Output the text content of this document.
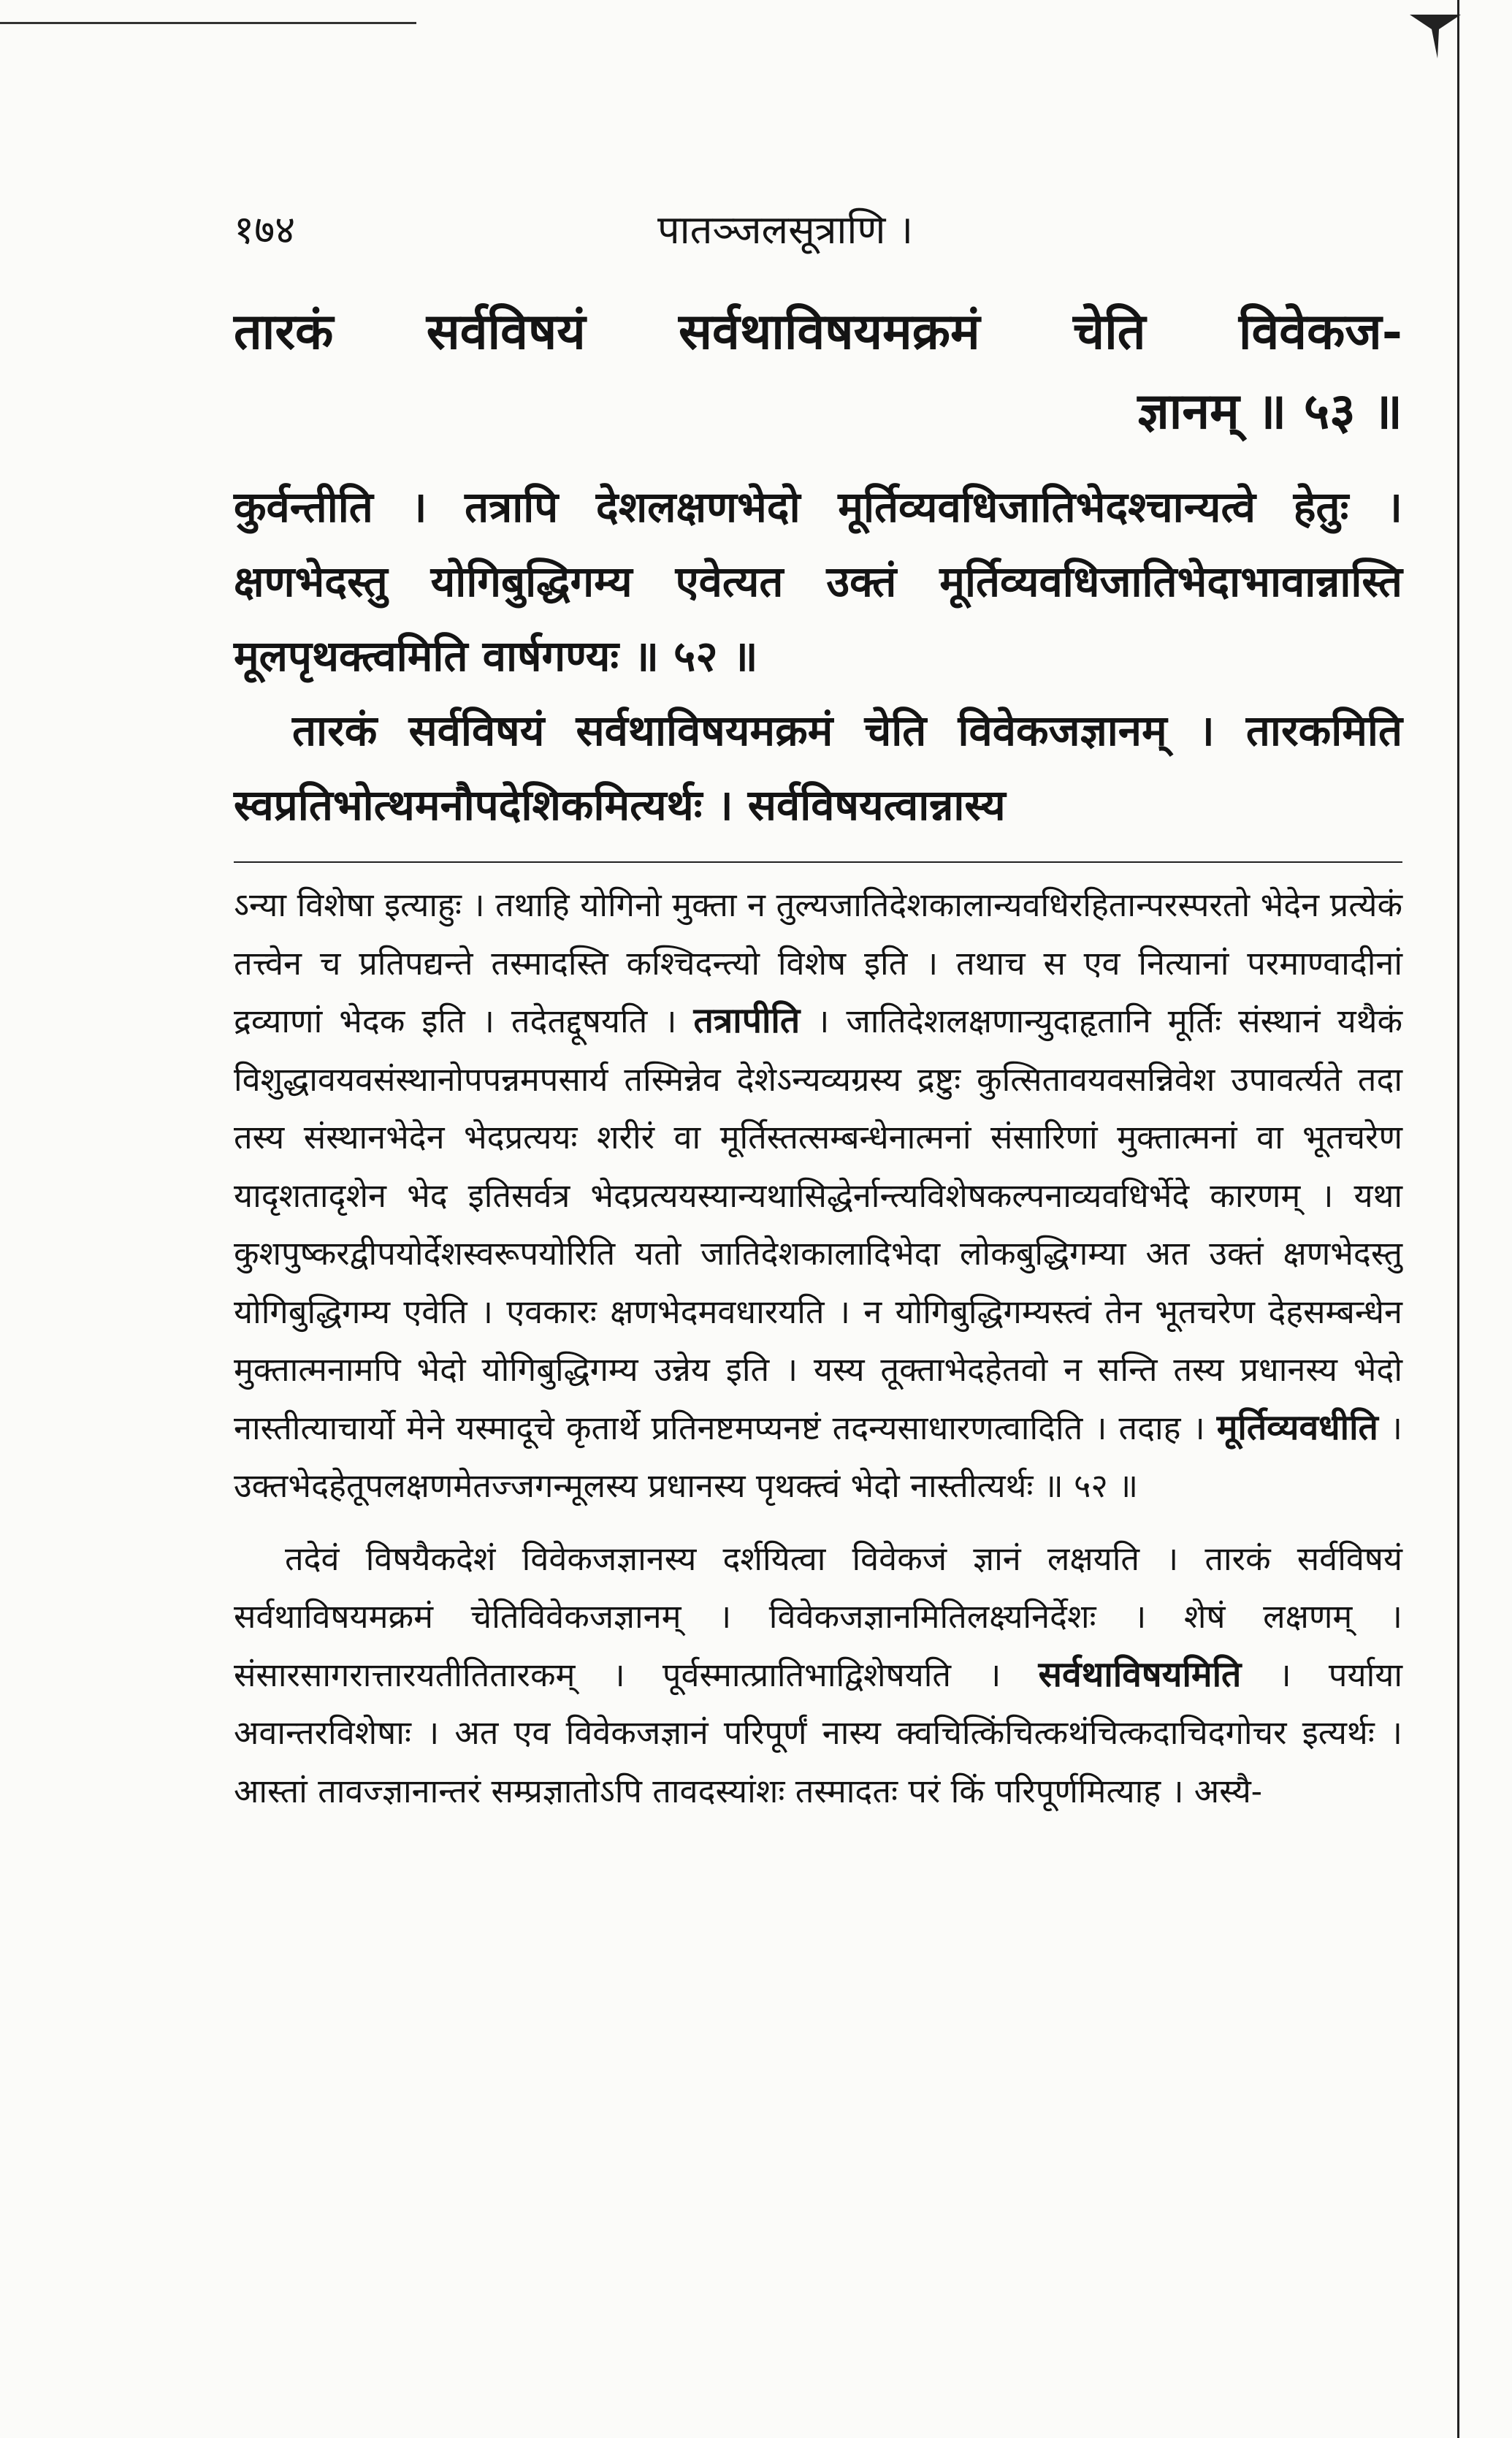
१७४	पातञ्जलसूत्राणि ।
तारकं सर्वविषयं सर्वथाविषयमक्रमं चेति विवेकज-
ज्ञानम् ॥ ५३ ॥

कुर्वन्तीति । तत्रापि देशलक्षणभेदो मूर्तिव्यवधिजातिभेदश्चान्यत्वे हेतुः । क्षणभेदस्तु योगिबुद्धिगम्य एवेत्यत उक्तं मूर्तिव्यवधिजातिभेदाभावान्नास्ति मूलपृथक्त्वमिति वार्षगण्यः ॥ ५२ ॥

तारकं सर्वविषयं सर्वथाविषयमक्रमं चेति विवेकजज्ञानम् । तारकमिति स्वप्रतिभोत्थमनौपदेशिकमित्यर्थः । सर्वविषयत्वान्नास्य

ऽन्या विशेषा इत्याहुः । तथाहि योगिनो मुक्ता न तुल्यजातिदेशकालान्यवधिरहितान्परस्परतो भेदेन प्रत्येकं तत्त्वेन च प्रतिपद्यन्ते तस्मादस्ति कश्चिदन्त्यो विशेष इति । तथाच स एव नित्यानां परमाण्वादीनां द्रव्याणां भेदक इति । तदेतद्दूषयति । तत्रापीति । जातिदेशलक्षणान्युदाहृतानि मूर्तिः संस्थानं यथैकं विशुद्धावयवसंस्थानोपपन्नमपसार्य तस्मिन्नेव देशेऽन्यव्यग्रस्य द्रष्टुः कुत्सितावयवसन्निवेश उपावर्त्यते तदा तस्य संस्थानभेदेन भेदप्रत्ययः शरीरं वा मूर्तिस्तत्सम्बन्धेनात्मनां संसारिणां मुक्तात्मनां वा भूतचरेण यादृशतादृशेन भेद इतिसर्वत्र भेदप्रत्ययस्यान्यथासिद्धेर्नान्त्यविशेषकल्पनाव्यवधिर्भेदे कारणम् । यथा कुशपुष्करद्वीपयोर्देशस्वरूपयोरिति यतो जातिदेशकालादिभेदा लोकबुद्धिगम्या अत उक्तं क्षणभेदस्तु योगिबुद्धिगम्य एवेति । एवकारः क्षणभेदमवधारयति । न योगिबुद्धिगम्यस्त्वं तेन भूतचरेण देहसम्बन्धेन मुक्तात्मनामपि भेदो योगिबुद्धिगम्य उन्नेय इति । यस्य तूक्ताभेदहेतवो न सन्ति तस्य प्रधानस्य भेदो नास्तीत्याचार्यो मेने यस्मादूचे कृतार्थे प्रतिनष्टमप्यनष्टं तदन्यसाधारणत्वादिति । तदाह । मूर्तिव्यवधीति । उक्तभेदहेतूपलक्षणमेतज्जगन्मूलस्य प्रधानस्य पृथक्त्वं भेदो नास्तीत्यर्थः ॥ ५२ ॥

तदेवं विषयैकदेशं विवेकजज्ञानस्य दर्शयित्वा विवेकजं ज्ञानं लक्षयति । तारकं सर्वविषयं सर्वथाविषयमक्रमं चेतिविवेकजज्ञानम् । विवेकजज्ञानमितिलक्ष्यनिर्देशः । शेषं लक्षणम् । संसारसागरात्तारयतीतितारकम् । पूर्वस्मात्प्रातिभाद्विशेषयति । सर्वथाविषयमिति । पर्याया अवान्तरविशेषाः । अत एव विवेकजज्ञानं परिपूर्णं नास्य क्वचित्किंचित्कथंचित्कदाचिदगोचर इत्यर्थः । आस्तां तावज्ज्ञानान्तरं सम्प्रज्ञातोऽपि तावदस्यांशः तस्मादतः परं किं परिपूर्णमित्याह । अस्यै-
